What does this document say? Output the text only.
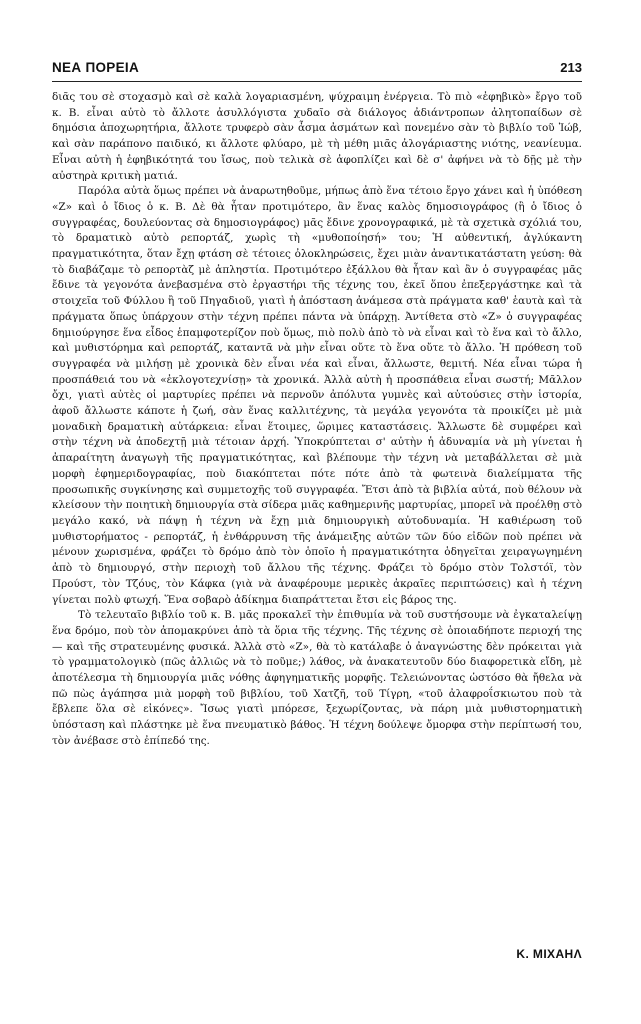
ΝΕΑ ΠΟΡΕΙΑ	213

διᾶς του σὲ στοχασμὸ καὶ σὲ καλὰ λογαριασμένη, ψύχραιμη ἐνέργεια. Τὸ πιὸ «ἐφηβικὸ» ἔργο τοῦ κ. Β. εἶναι αὐτὸ τὸ ἄλλοτε ἀσυλλόγιστα χυδαῖο σὰ διάλογος ἀδιάντροπων ἀλητοπαίδων σὲ δημόσια ἀποχωρητήρια, ἄλλοτε τρυφερὸ σὰν ἆσμα ἀσμάτων καὶ πονεμένο σὰν τὸ βιβλίο τοῦ Ἰώβ, καὶ σὰν παράπονο παιδικό, κι ἄλλοτε φλύαρο, μὲ τὴ μέθη μιᾶς ἀλογάριαστης νιότης, νεανίευμα. Εἶναι αὐτὴ ἡ ἐφηβικότητά του ἴσως, ποὺ τελικὰ σὲ ἀφοπλίζει καὶ δὲ σ' ἀφήνει νὰ τὸ δῇς μὲ τὴν αὐστηρὰ κριτικὴ ματιά.

Παρόλα αὐτὰ ὅμως πρέπει νὰ ἀναρωτηθοῦμε, μήπως ἀπὸ ἕνα τέτοιο ἔργο χάνει καὶ ἡ ὑπόθεση «Ζ» καὶ ὁ ἴδιος ὁ κ. Β. Δὲ θὰ ἦταν προτιμότερο, ἂν ἕνας καλὸς δημοσιογράφος (ἢ ὁ ἴδιος ὁ συγγραφέας, δουλεύοντας σὰ δημοσιογράφος) μᾶς ἔδινε χρονογραφικά, μὲ τὰ σχετικὰ σχόλιά του, τὸ δραματικὸ αὐτὸ ρεπορτάζ, χωρὶς τὴ «μυθοποίησή» του; Ἡ αὐθεντική, ἀγλύκαντη πραγματικότητα, ὅταν ἔχῃ φτάση σὲ τέτοιες ὀλοκληρώσεις, ἔχει μιὰν ἀναντικατάστατη γεύση: θὰ τὸ διαβάζαμε τὸ ρεπορτὰζ μὲ ἀπληστία. Προτιμότερο ἐξάλλου θὰ ἦταν καὶ ἂν ὁ συγγραφέας μᾶς ἔδινε τὰ γεγονότα ἀνεβασμένα στὸ ἐργαστήρι τῆς τέχνης του, ἐκεῖ ὅπου ἐπεξεργάστηκε καὶ τὰ στοιχεῖα τοῦ Φύλλου ἢ τοῦ Πηγαδιοῦ, γιατὶ ἡ ἀπόσταση ἀνάμεσα στὰ πράγματα καθ' ἑαυτὰ καὶ τὰ πράγματα ὅπως ὑπάρχουν στὴν τέχνη πρέπει πάντα νὰ ὑπάρχῃ. Ἀντίθετα στὸ «Ζ» ὁ συγγραφέας δημιούργησε ἕνα εἶδος ἑπαμφοτερίζον ποὺ ὅμως, πιὸ πολὺ ἀπὸ τὸ νὰ εἶναι καὶ τὸ ἕνα καὶ τὸ ἄλλο, καὶ μυθιστόρημα καὶ ρεπορτάζ, καταντᾶ νὰ μὴν εἶναι οὔτε τὸ ἕνα οὔτε τὸ ἄλλο. Ἡ πρόθεση τοῦ συγγραφέα νὰ μιλήσῃ μὲ χρονικὰ δὲν εἶναι νέα καὶ εἶναι, ἄλλωστε, θεμιτή. Νέα εἶναι τώρα ἡ προσπάθειά του νὰ «ἐκλογοτεχνίσῃ» τὰ χρονικά. Ἀλλὰ αὐτὴ ἡ προσπάθεια εἶναι σωστή; Μᾶλλον ὄχι, γιατὶ αὐτὲς οἱ μαρτυρίες πρέπει νὰ περνοῦν ἀπόλυτα γυμνὲς καὶ αὐτούσιες στὴν ἱστορία, ἀφοῦ ἄλλωστε κάποτε ἡ ζωή, σὰν ἕνας καλλιτέχνης, τὰ μεγάλα γεγονότα τὰ προικίζει μὲ μιὰ μοναδικὴ δραματικὴ αὐτάρκεια: εἶναι ἕτοιμες, ὥριμες καταστάσεις. Ἄλλωστε δὲ συμφέρει καὶ στὴν τέχνη νὰ ἀποδεχτῇ μιὰ τέτοιαν ἀρχή. Ὑποκρύπτεται σ' αὐτὴν ἡ ἀδυναμία νὰ μὴ γίνεται ἡ ἀπαραίτητη ἀναγωγὴ τῆς πραγματικότητας, καὶ βλέπουμε τὴν τέχνη νὰ μεταβάλλεται σὲ μιὰ μορφὴ ἐφημεριδογραφίας, ποὺ διακόπτεται πότε πότε ἀπὸ τὰ φωτεινὰ διαλείμματα τῆς προσωπικῆς συγκίνησης καὶ συμμετοχῆς τοῦ συγγραφέα. Ἔτσι ἀπὸ τὰ βιβλία αὐτά, ποὺ θέλουν νὰ κλείσουν τὴν ποιητικὴ δημιουργία στὰ σίδερα μιᾶς καθημερινῆς μαρτυρίας, μπορεῖ νὰ προέλθῃ στὸ μεγάλο κακό, νὰ πάψῃ ἡ τέχνη νὰ ἔχῃ μιὰ δημιουργικὴ αὐτοδυναμία. Ἡ καθιέρωση τοῦ μυθιστορήματος - ρεπορτάζ, ἡ ἐνθάρρυνση τῆς ἀνάμειξης αὐτῶν τῶν δύο εἰδῶν ποὺ πρέπει νὰ μένουν χωρισμένα, φράζει τὸ δρόμο ἀπὸ τὸν ὁποῖο ἡ πραγματικότητα ὁδηγεῖται χειραγωγημένη ἀπὸ τὸ δημιουργό, στὴν περιοχὴ τοῦ ἄλλου τῆς τέχνης. Φράζει τὸ δρόμο στὸν Τολστόϊ, τὸν Προύστ, τὸν Τζόυς, τὸν Κάφκα (γιὰ νὰ ἀναφέρουμε μερικὲς ἀκραῖες περιπτώσεις) καὶ ἡ τέχνη γίνεται πολὺ φτωχή. Ἕνα σοβαρὸ ἀδίκημα διαπράττεται ἔτσι εἰς βάρος της.

Τὸ τελευταῖο βιβλίο τοῦ κ. Β. μᾶς προκαλεῖ τὴν ἐπιθυμία νὰ τοῦ συστήσουμε νὰ ἐγκαταλείψῃ ἕνα δρόμο, ποὺ τὸν ἀπομακρύνει ἀπὸ τὰ ὅρια τῆς τέχνης. Τῆς τέχνης σὲ ὁποιαδήποτε περιοχή της — καὶ τῆς στρατευμένης φυσικά. Ἀλλὰ στὸ «Ζ», θὰ τὸ κατάλαβε ὁ ἀναγνώστης δὲν πρόκειται γιὰ τὸ γραμματολογικὸ (πῶς ἀλλιῶς νὰ τὸ ποῦμε;) λάθος, νὰ ἀνακατευτοῦν δύο διαφορετικὰ εἴδη, μὲ ἀποτέλεσμα τὴ δημιουργία μιᾶς νόθης ἀφηγηματικῆς μορφῆς. Τελειώνοντας ὡστόσο θὰ ἤθελα νὰ πῶ πὼς ἀγάπησα μιὰ μορφὴ τοῦ βιβλίου, τοῦ Χατζῆ, τοῦ Τίγρη, «τοῦ ἀλαφροΐσκιωτου ποὺ τὰ ἔβλεπε ὅλα σὲ εἰκόνες». Ἴσως γιατὶ μπόρεσε, ξεχωρίζοντας, νὰ πάρη μιὰ μυθιστορηματικὴ ὑπόσταση καὶ πλάστηκε μὲ ἕνα πνευματικὸ βάθος. Ἡ τέχνη δούλεψε ὄμορφα στὴν περίπτωσή του, τὸν ἀνέβασε στὸ ἐπίπεδό της.

Κ. ΜΙΧΑΗΛ
